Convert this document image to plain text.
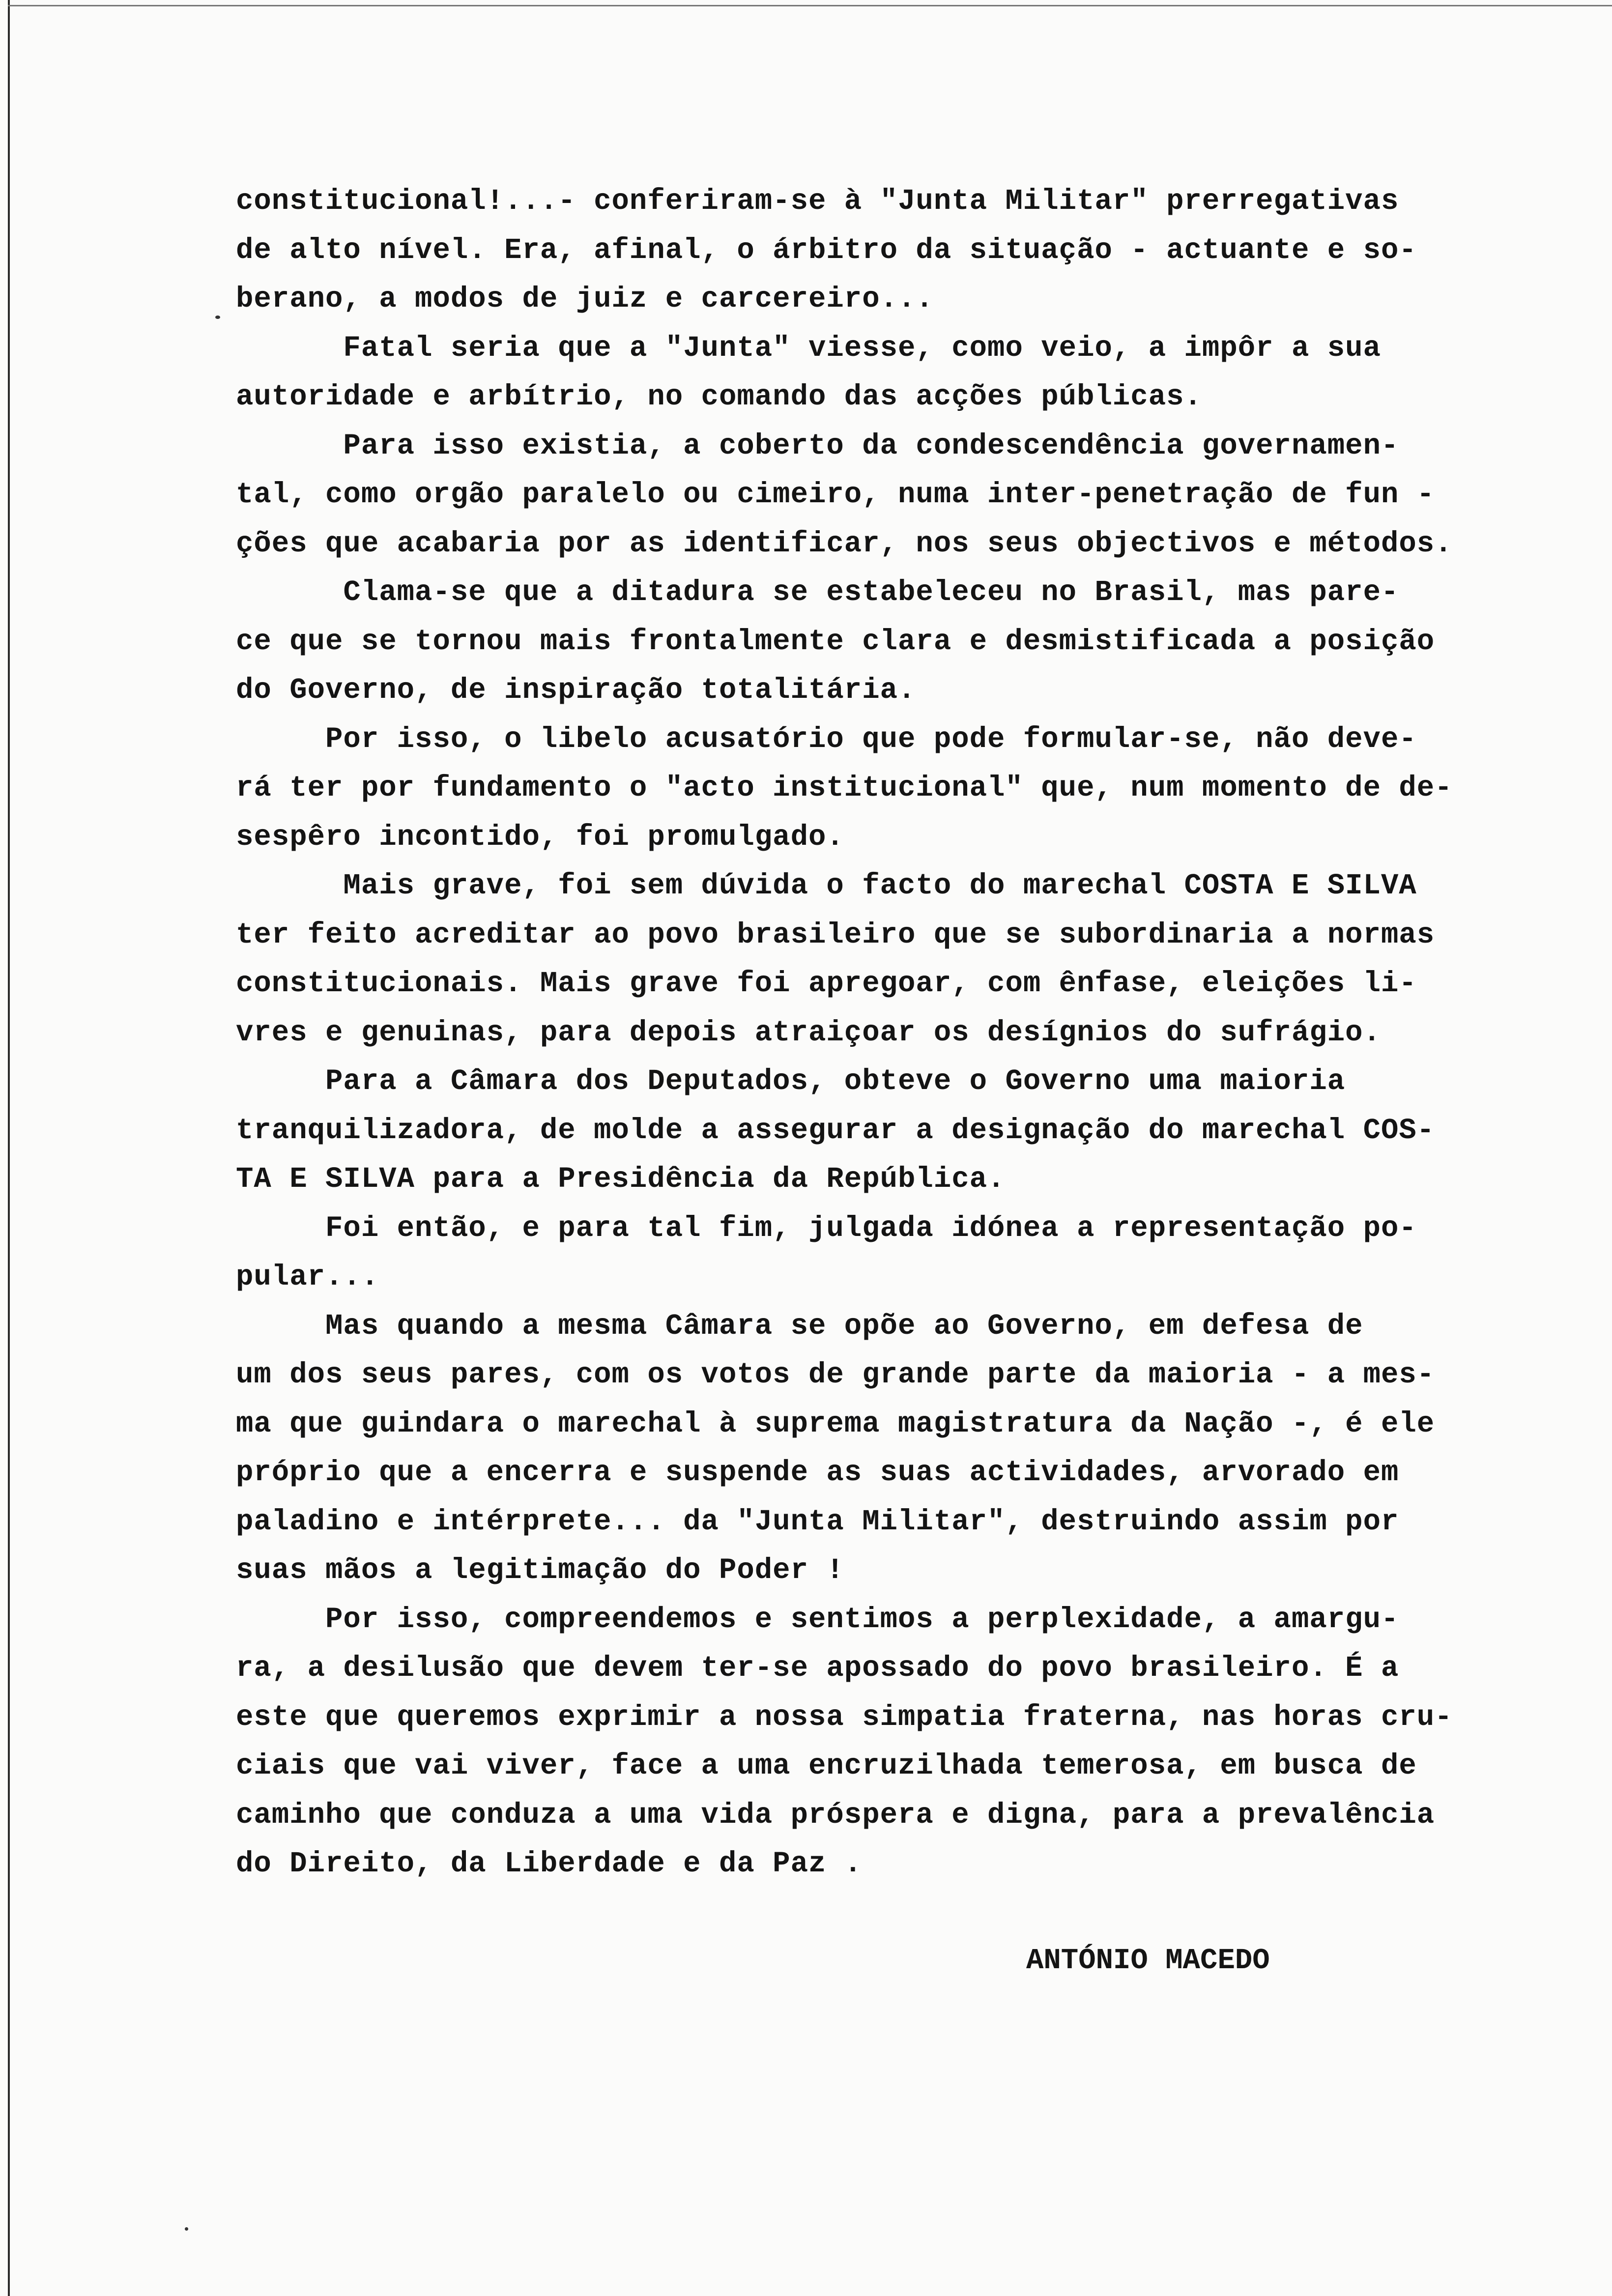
constitucional!...- conferiram-se à "Junta Militar" prerregativas
de alto nível. Era, afinal, o árbitro da situação - actuante e so-
berano, a modos de juiz e carcereiro...
Fatal seria que a "Junta" viesse, como veio, a impôr a sua
autoridade e arbítrio, no comando das acções públicas.
Para isso existia, a coberto da condescendência governamen-
tal, como orgão paralelo ou cimeiro, numa inter-penetração de fun -
ções que acabaria por as identificar, nos seus objectivos e métodos.
Clama-se que a ditadura se estabeleceu no Brasil, mas pare-
ce que se tornou mais frontalmente clara e desmistificada a posição
do Governo, de inspiração totalitária.
Por isso, o libelo acusatório que pode formular-se, não deve-
rá ter por fundamento o "acto institucional" que, num momento de de-
sespêro incontido, foi promulgado.
Mais grave, foi sem dúvida o facto do marechal COSTA E SILVA
ter feito acreditar ao povo brasileiro que se subordinaria a normas
constitucionais. Mais grave foi apregoar, com ênfase, eleições li-
vres e genuinas, para depois atraiçoar os desígnios do sufrágio.
Para a Câmara dos Deputados, obteve o Governo uma maioria
tranquilizadora, de molde a assegurar a designação do marechal COS-
TA E SILVA para a Presidência da República.
Foi então, e para tal fim, julgada idónea a representação po-
pular...
Mas quando a mesma Câmara se opõe ao Governo, em defesa de
um dos seus pares, com os votos de grande parte da maioria - a mes-
ma que guindara o marechal à suprema magistratura da Nação -, é ele
próprio que a encerra e suspende as suas actividades, arvorado em
paladino e intérprete... da "Junta Militar", destruindo assim por
suas mãos a legitimação do Poder !
Por isso, compreendemos e sentimos a perplexidade, a amargu-
ra, a desilusão que devem ter-se apossado do povo brasileiro. É a
este que queremos exprimir a nossa simpatia fraterna, nas horas cru-
ciais que vai viver, face a uma encruzilhada temerosa, em busca de
caminho que conduza a uma vida próspera e digna, para a prevalência
do Direito, da Liberdade e da Paz .
ANTÓNIO MACEDO
